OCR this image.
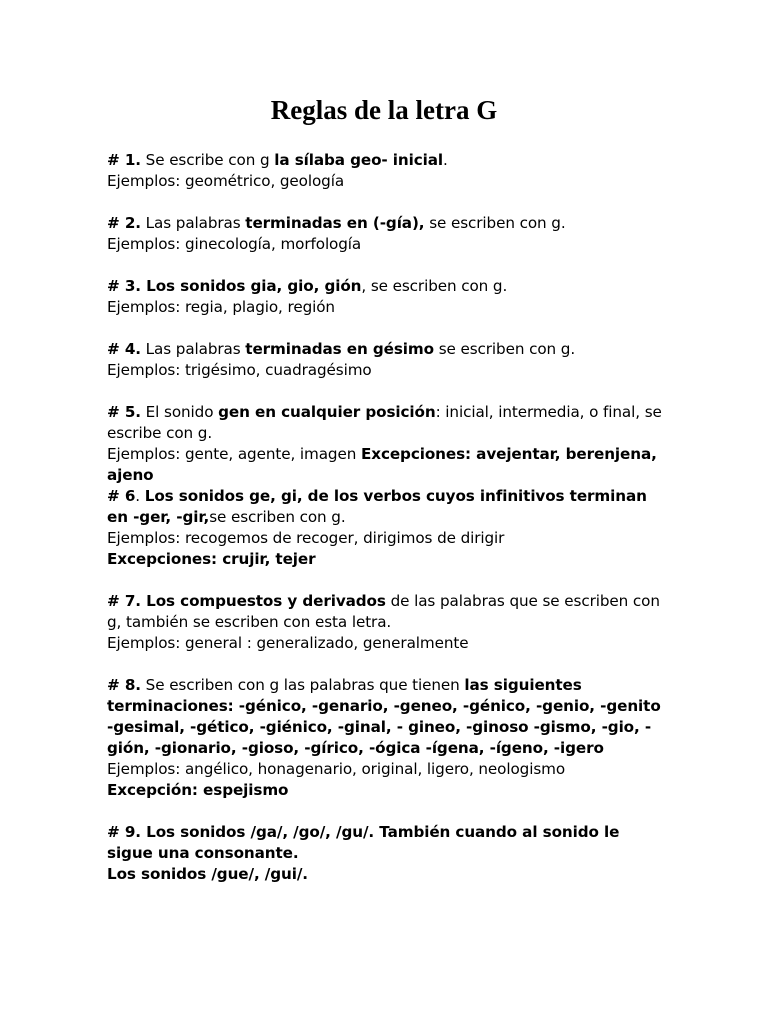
Reglas de la letra G

# 1. Se escribe con g la sílaba geo- inicial.

Ejemplos: geométrico, geología

# 2. Las palabras terminadas en (-gía), se escriben con g.

Ejemplos: ginecología, morfología

# 3. Los sonidos gia, gio, gión, se escriben con g.

Ejemplos: regia, plagio, región

# 4. Las palabras terminadas en gésimo se escriben con g.

Ejemplos: trigésimo, cuadragésimo

# 5. El sonido gen en cualquier posición: inicial, intermedia, o final, se escribe con g.

Ejemplos: gente, agente, imagen Excepciones: avejentar, berenjena, ajeno

# 6. Los sonidos ge, gi, de los verbos cuyos infinitivos terminan en -ger, -gir,se escriben con g.

Ejemplos: recogemos de recoger, dirigimos de dirigir

Excepciones: crujir, tejer

# 7. Los compuestos y derivados de las palabras que se escriben con g, también se escriben con esta letra.

Ejemplos: general : generalizado, generalmente

# 8. Se escriben con g las palabras que tienen las siguientes terminaciones: -génico, -genario, -geneo, -génico, -genio, -genito -gesimal, -gético, -giénico, -ginal, - gineo, -ginoso -gismo, -gio, -gión, -gionario, -gioso, -gírico, -ógica -ígena, -ígeno, -igero

Ejemplos: angélico, honagenario, original, ligero, neologismo

Excepción: espejismo

# 9. Los sonidos /ga/, /go/, /gu/. También cuando al sonido le sigue una consonante.

Los sonidos /gue/, /gui/.
